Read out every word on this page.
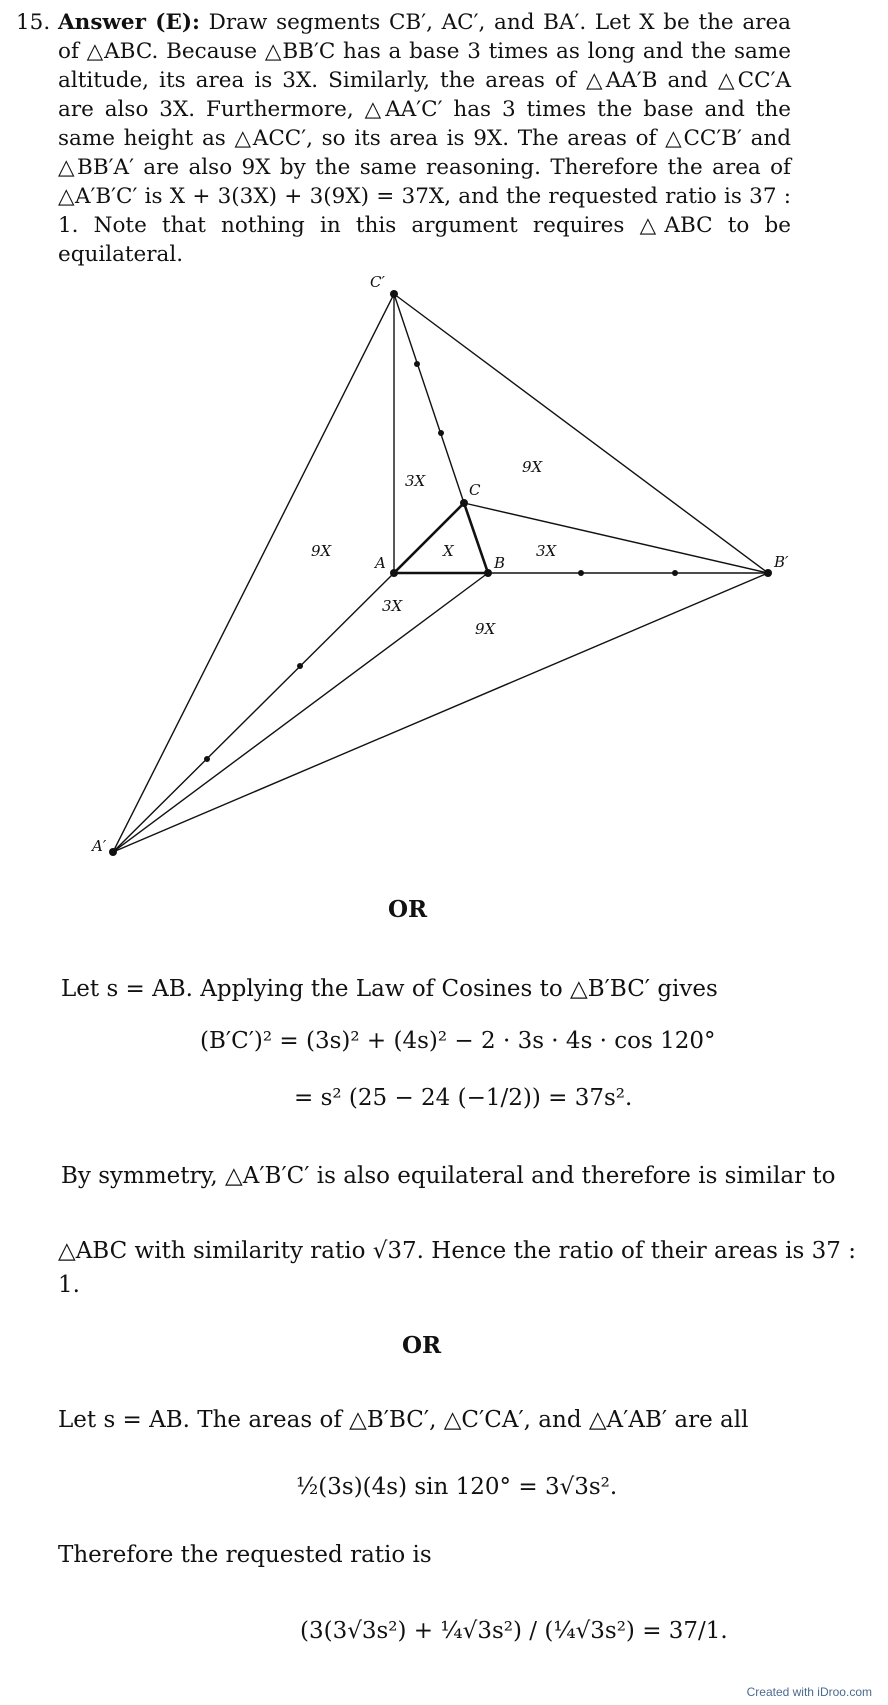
15. Answer (E): Draw segments CB′, AC′, and BA′. Let X be the area of △ABC. Because △BB′C has a base 3 times as long and the same altitude, its area is 3X. Similarly, the areas of △AA′B and △CC′A are also 3X. Furthermore, △AA′C′ has 3 times the base and the same height as △ACC′, so its area is 9X. The areas of △CC′B′ and △BB′A′ are also 9X by the same reasoning. Therefore the area of △A′B′C′ is X + 3(3X) + 3(9X) = 37X, and the requested ratio is 37 : 1. Note that nothing in this argument requires △ABC to be equilateral.
C′
B′
A′
A	B
C
X
3X
3X
3X
9X
9X
9X
OR
Let s = AB. Applying the Law of Cosines to △B′BC′ gives
(B′C′)² = (3s)² + (4s)² − 2 · 3s · 4s · cos 120°
= s² (25 − 24 (−1/2)) = 37s².
By symmetry, △A′B′C′ is also equilateral and therefore is similar to
△ABC with similarity ratio √37. Hence the ratio of their areas is 37 : 1.
OR
Let s = AB. The areas of △B′BC′, △C′CA′, and △A′AB′ are all
½(3s)(4s) sin 120° = 3√3s².
Therefore the requested ratio is
(3(3√3s²) + ¼√3s²) / (¼√3s²) = 37/1.
Created with iDroo.com
